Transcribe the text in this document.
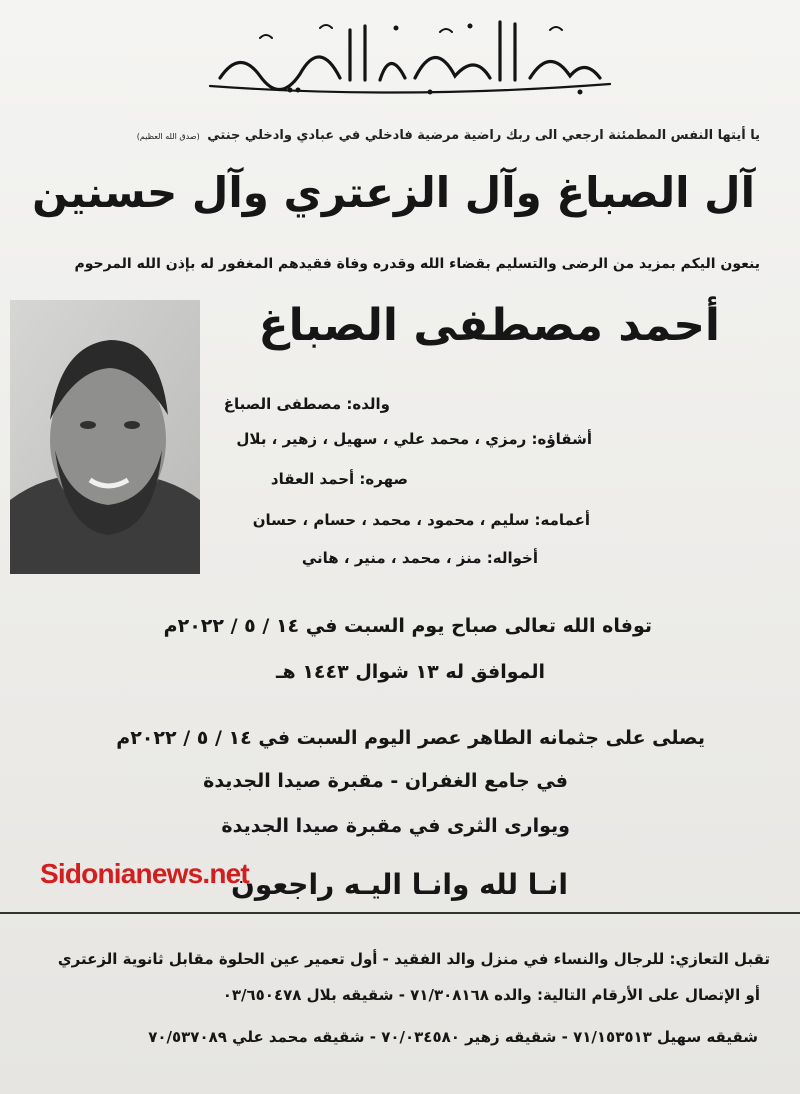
يا أيتها النفس المطمئنة ارجعي الى ربك راضية مرضية فادخلي في عبادي وادخلي جنتي (صدق الله العظيم)
آل الصباغ وآل الزعتري وآل حسنين
ينعون اليكم بمزيد من الرضى والتسليم بقضاء الله وقدره وفاة فقيدهم المغفور له بإذن الله المرحوم
أحمد مصطفى الصباغ
والده: مصطفى الصباغ
أشقاؤه: رمزي ، محمد علي ، سهيل ، زهير ، بلال
صهره: أحمد العقاد
أعمامه: سليم ، محمود ، محمد ، حسام ، حسان
أخواله: منز ، محمد ، منير ، هاني
توفاه الله تعالى صباح يوم السبت في ١٤ / ٥ / ٢٠٢٢م
الموافق له ١٣ شوال ١٤٤٣ هـ
يصلى على جثمانه الطاهر عصر اليوم السبت في ١٤ / ٥ / ٢٠٢٢م
في جامع الغفران - مقبرة صيدا الجديدة
ويوارى الثرى في مقبرة صيدا الجديدة
انـا لله وانـا اليـه راجعون
Sidonianews.net
تقبل التعازي: للرجال والنساء في منزل والد الفقيد - أول تعمير عين الحلوة مقابل ثانوية الزعتري
أو الإتصال على الأرقام التالية: والده ٧١/٣٠٨١٦٨ - شقيقه بلال ٠٣/٦٥٠٤٧٨
شقيقه سهيل ٧١/١٥٣٥١٣ - شقيقه زهير ٧٠/٠٣٤٥٨٠ - شقيقه محمد علي ٧٠/٥٣٧٠٨٩
